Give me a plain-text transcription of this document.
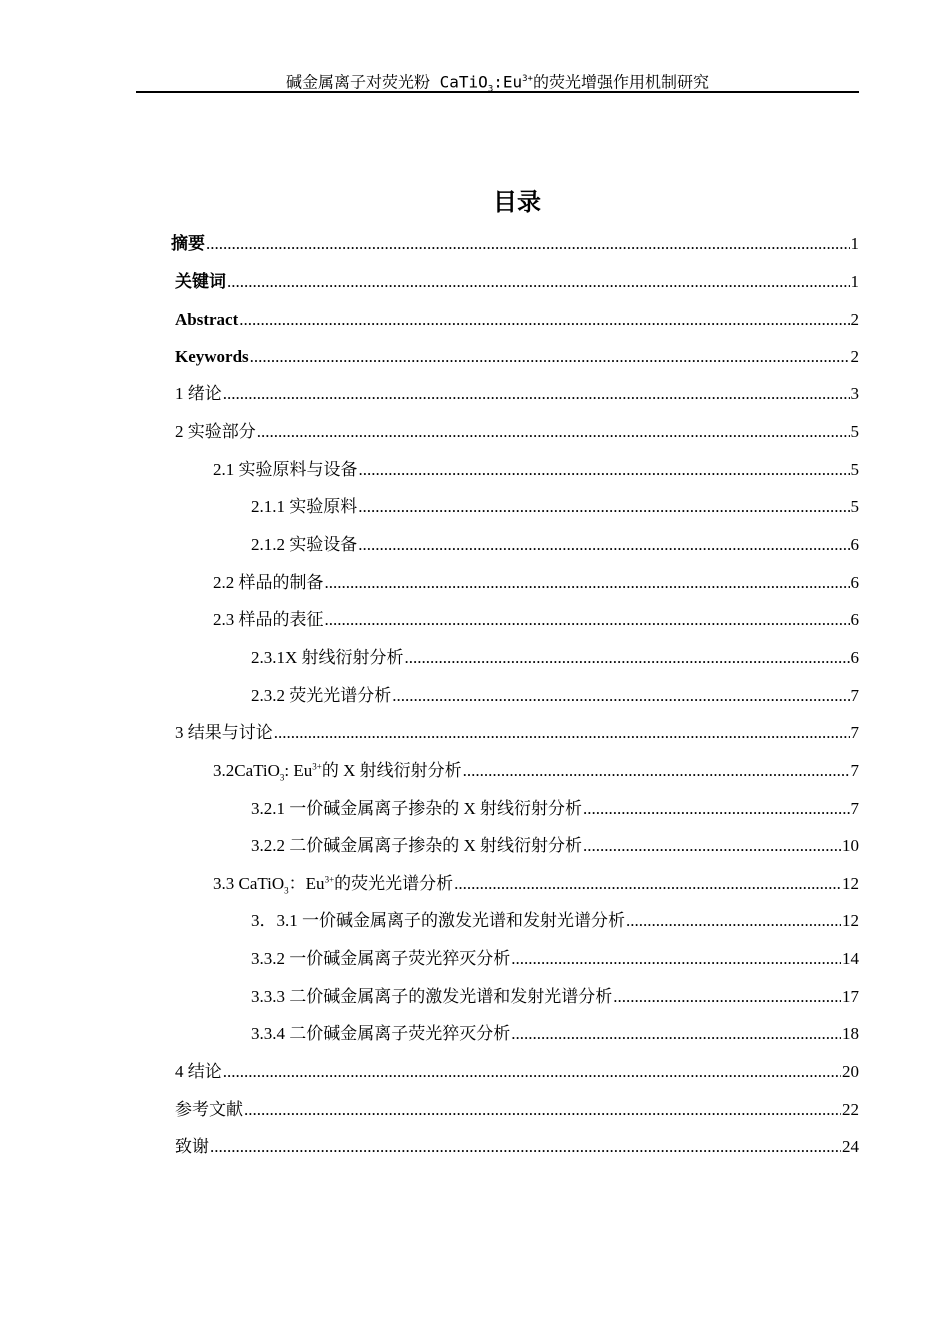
碱金属离子对荧光粉 $CaTiO_3:Eu^{3+}$的荧光增强作用机制研究
目录
摘要 .....	1
关键词 .....	1
Abstract .....	2
Keywords .....	2
1 绪论 .....	3
2 实验部分 .....	5
2.1 实验原料与设备 .....	5
2.1.1 实验原料 .....	5
2.1.2 实验设备 .....	6
2.2 样品的制备 .....	6
2.3 样品的表征 .....	6
2.3.1X 射线衍射分析 .....	6
2.3.2 荧光光谱分析 .....	7
3 结果与讨论 .....	7
3.2CaTiO$_3$: $Eu^{3+}$的 X 射线衍射分析 .....	7
3.2.1 一价碱金属离子掺杂的 X 射线衍射分析 .....	7
3.2.2 二价碱金属离子掺杂的 X 射线衍射分析 .....	10
3.3 CaTiO$_3$：$Eu^{3+}$的荧光光谱分析 .....	12
3．3.1 一价碱金属离子的激发光谱和发射光谱分析 .....	12
3.3.2 一价碱金属离子荧光猝灭分析 .....	14
3.3.3 二价碱金属离子的激发光谱和发射光谱分析 .....	17
3.3.4 二价碱金属离子荧光猝灭分析 .....	18
4 结论 .....	20
参考文献 .....	22
致谢 .....	24
